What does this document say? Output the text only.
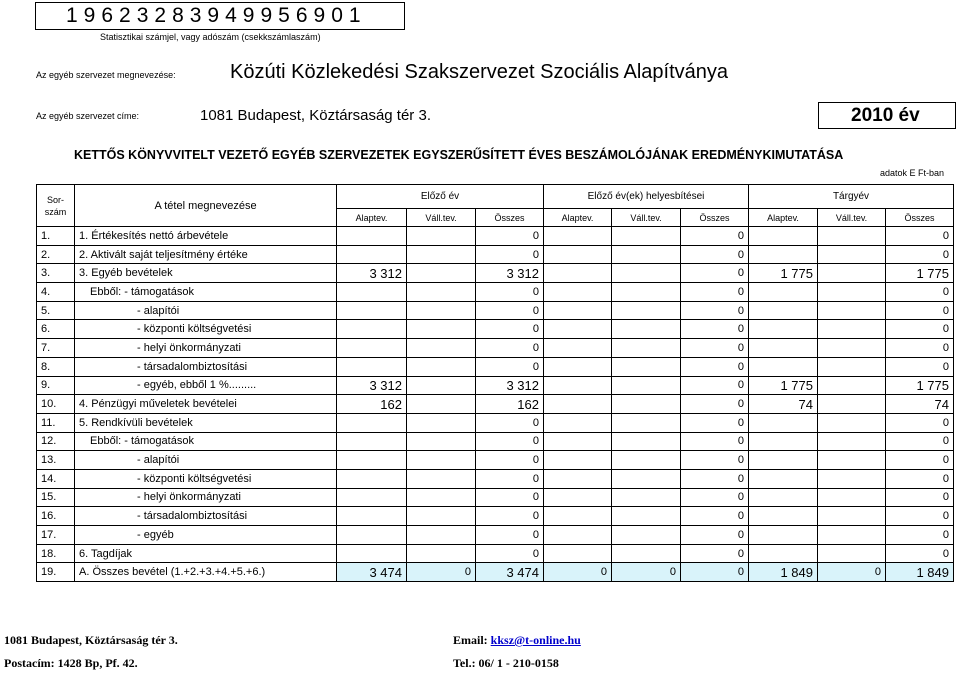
19623283949956901
Statisztikai számjel, vagy adószám (csekkszámlaszám)
Az egyéb szervezet megnevezése:	Közúti Közlekedési Szakszervezet Szociális Alapítványa
Az egyéb szervezet címe:	1081 Budapest, Köztársaság tér 3.	2010 év
KETTŐS KÖNYVVITELT VEZETŐ EGYÉB SZERVEZETEK EGYSZERŰSÍTETT ÉVES BESZÁMOLÓJÁNAK EREDMÉNYKIMUTATÁSA
adatok E Ft-ban
Sor-
szám	A tétel megnevezése	Előző év			Előző év(ek) helyesbítései			Tárgyév		
		Alaptev.	Váll.tev.	Összes	Alaptev.	Váll.tev.	Összes	Alaptev.	Váll.tev.	Összes
1.	1. Értékesítés nettó árbevétele			0			0			0
2.	2. Aktivált saját teljesítmény értéke			0			0			0
3.	3. Egyéb bevételek	3 312		3 312			0	1 775		1 775
4.	Ebből: - támogatások			0			0			0
5.	- alapítói			0			0			0
6.	- központi költségvetési			0			0			0
7.	- helyi önkormányzati			0			0			0
8.	- társadalombiztosítási			0			0			0
9.	- egyéb, ebből 1 %.........	3 312		3 312			0	1 775		1 775
10.	4. Pénzügyi műveletek bevételei	162		162			0	74		74
11.	5. Rendkívüli bevételek			0			0			0
12.	Ebből: - támogatások			0			0			0
13.	- alapítói			0			0			0
14.	- központi költségvetési			0			0			0
15.	- helyi önkormányzati			0			0			0
16.	- társadalombiztosítási			0			0			0
17.	- egyéb			0			0			0
18.	6. Tagdíjak			0			0			0
19.	A. Összes bevétel (1.+2.+3.+4.+5.+6.)	3 474	0	3 474	0	0	0	1 849	0	1 849
1081 Budapest, Köztársaság tér 3.
Postacím: 1428 Bp, Pf. 42.
Email: kksz@t-online.hu
Tel.: 06/ 1 - 210-0158
